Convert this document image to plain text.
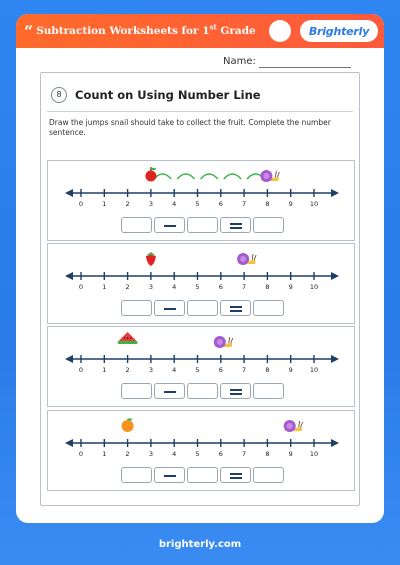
“ Subtraction Worksheets for 1st Grade	Brighterly
Name:
8	Count on Using Number Line
Draw the jumps snail should take to collect the fruit. Complete the number sentence.
0	1	2	3	4	5	6	7	8	9	10
0	1	2	3	4	5	6	7	8	9	10
0	1	2	3	4	5	6	7	8	9	10
0	1	2	3	4	5	6	7	8	9	10
brighterly.com
